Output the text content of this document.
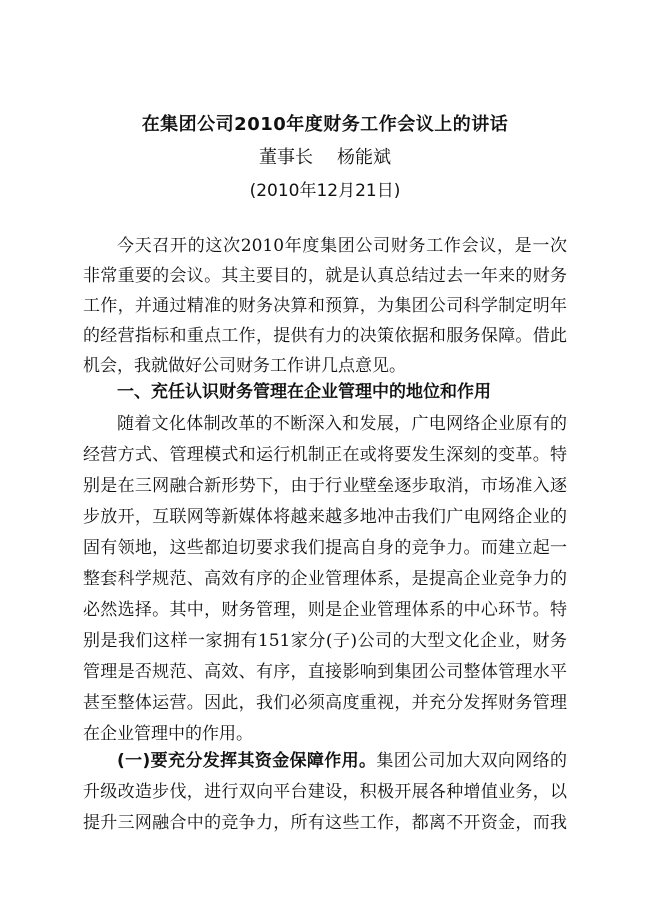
在集团公司2010年度财务工作会议上的讲话
董事长 杨能斌
(2010年12月21日)
今天召开的这次2010年度集团公司财务工作会议，是一次
非常重要的会议。其主要目的，就是认真总结过去一年来的财务
工作，并通过精准的财务决算和预算，为集团公司科学制定明年
的经营指标和重点工作，提供有力的决策依据和服务保障。借此
机会，我就做好公司财务工作讲几点意见。
一、充任认识财务管理在企业管理中的地位和作用
随着文化体制改革的不断深入和发展，广电网络企业原有的
经营方式、管理模式和运行机制正在或将要发生深刻的变革。特
别是在三网融合新形势下，由于行业壁垒逐步取消，市场准入逐
步放开，互联网等新媒体将越来越多地冲击我们广电网络企业的
固有领地，这些都迫切要求我们提高自身的竞争力。而建立起一
整套科学规范、高效有序的企业管理体系，是提高企业竞争力的
必然选择。其中，财务管理，则是企业管理体系的中心环节。特
别是我们这样一家拥有151家分(子)公司的大型文化企业，财务
管理是否规范、高效、有序，直接影响到集团公司整体管理水平
甚至整体运营。因此，我们必须高度重视，并充分发挥财务管理
在企业管理中的作用。
(一)要充分发挥其资金保障作用。集团公司加大双向网络的
升级改造步伐，进行双向平台建设，积极开展各种增值业务，以
提升三网融合中的竞争力，所有这些工作，都离不开资金，而我
